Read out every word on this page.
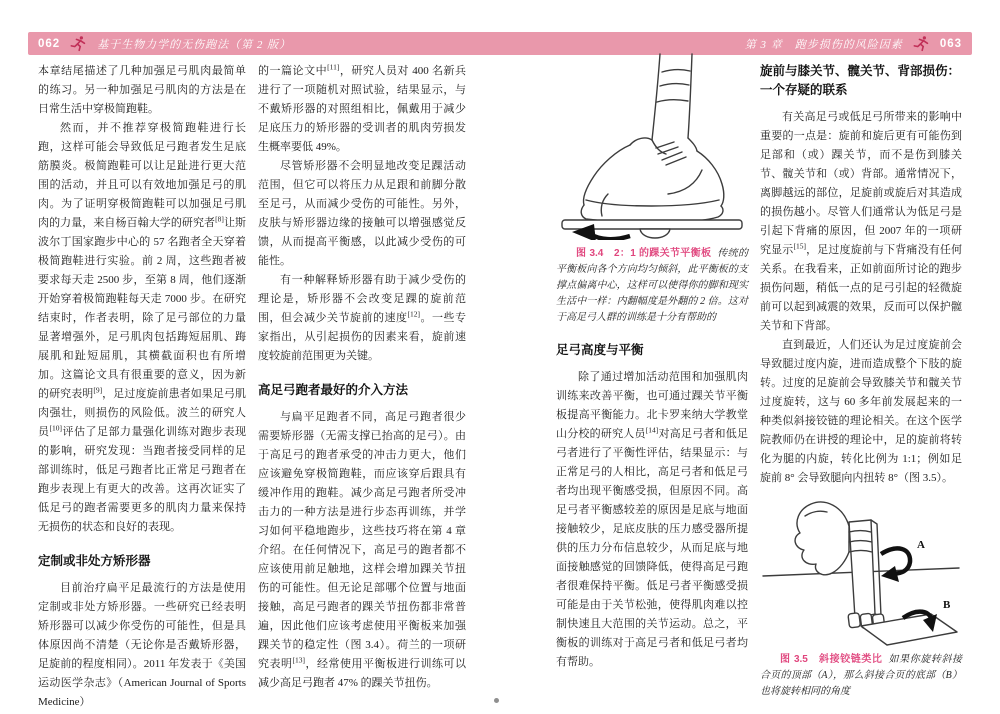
062	基于生物力学的无伤跑法（第 2 版）	第 3 章　跑步损伤的风险因素	063

本章结尾描述了几种加强足弓肌肉最简单的练习。另一种加强足弓肌肉的方法是在日常生活中穿极简跑鞋。

然而，并不推荐穿极简跑鞋进行长跑，这样可能会导致低足弓跑者发生足底筋膜炎。极简跑鞋可以让足趾进行更大范围的活动，并且可以有效地加强足弓的肌肉。为了证明穿极简跑鞋可以加强足弓肌肉的力量，来自杨百翰大学的研究者[8]让斯波尔丁国家跑步中心的 57 名跑者全天穿着极简跑鞋进行实验。前 2 周，这些跑者被要求每天走 2500 步，至第 8 周，他们逐渐开始穿着极简跑鞋每天走 7000 步。在研究结束时，作者表明，除了足弓部位的力量显著增强外，足弓肌肉包括踇短屈肌、踇展肌和趾短屈肌，其横截面积也有所增加。这篇论文具有很重要的意义，因为新的研究表明[9]，足过度旋前患者如果足弓肌肉强壮，则损伤的风险低。波兰的研究人员[10]评估了足部力量强化训练对跑步表现的影响，研究发现：当跑者接受同样的足部训练时，低足弓跑者比正常足弓跑者在跑步表现上有更大的改善。这再次证实了低足弓的跑者需要更多的肌肉力量来保持无损伤的状态和良好的表现。

定制或非处方矫形器

目前治疗扁平足最流行的方法是使用定制或非处方矫形器。一些研究已经表明矫形器可以减少你受伤的可能性，但是具体原因尚不清楚（无论你是否戴矫形器，足旋前的程度相同）。2011 年发表于《美国运动医学杂志》（American Journal of Sports Medicine）

的一篇论文中[11]，研究人员对 400 名新兵进行了一项随机对照试验，结果显示，与不戴矫形器的对照组相比，佩戴用于减少足底压力的矫形器的受训者的肌肉劳损发生概率要低 49%。

尽管矫形器不会明显地改变足踝活动范围，但它可以将压力从足跟和前脚分散至足弓，从而减少受伤的可能性。另外，皮肤与矫形器边缘的接触可以增强感觉反馈，从而提高平衡感，以此减少受伤的可能性。

有一种解释矫形器有助于减少受伤的理论是，矫形器不会改变足踝的旋前范围，但会减少关节旋前的速度[12]。一些专家指出，从引起损伤的因素来看，旋前速度较旋前范围更为关键。

高足弓跑者最好的介入方法

与扁平足跑者不同，高足弓跑者很少需要矫形器（无需支撑已抬高的足弓）。由于高足弓的跑者承受的冲击力更大，他们应该避免穿极简跑鞋，而应该穿后跟具有缓冲作用的跑鞋。减少高足弓跑者所受冲击力的一种方法是进行步态再训练，并学习如何平稳地跑步，这些技巧将在第 4 章介绍。在任何情况下，高足弓的跑者都不应该使用前足触地，这样会增加踝关节扭伤的可能性。但无论足部哪个位置与地面接触，高足弓跑者的踝关节扭伤都非常普遍，因此他们应该考虑使用平衡板来加强踝关节的稳定性（图 3.4）。荷兰的一项研究表明[13]，经常使用平衡板进行训练可以减少高足弓跑者 47% 的踝关节扭伤。

图 3.4　2：1 的踝关节平衡板 传统的平衡板向各个方向均匀倾斜，此平衡板的支撑点偏离中心，这样可以使得你的脚和现实生活中一样：内翻幅度是外翻的 2 倍。这对于高足弓人群的训练是十分有帮助的

足弓高度与平衡

除了通过增加活动范围和加强肌肉训练来改善平衡，也可通过踝关节平衡板提高平衡能力。北卡罗来纳大学教堂山分校的研究人员[14]对高足弓者和低足弓者进行了平衡性评估，结果显示：与正常足弓的人相比，高足弓者和低足弓者均出现平衡感受损，但原因不同。高足弓者平衡感较差的原因是足底与地面接触较少，足底皮肤的压力感受器所提供的压力分布信息较少，从而足底与地面接触感觉的回馈降低，使得高足弓跑者很难保持平衡。低足弓者平衡感受损可能是由于关节松弛，使得肌肉难以控制快速且大范围的关节运动。总之，平衡板的训练对于高足弓者和低足弓者均有帮助。

旋前与膝关节、髋关节、背部损伤：一个存疑的联系

有关高足弓或低足弓所带来的影响中重要的一点是：旋前和旋后更有可能伤到足部和（或）踝关节，而不是伤到膝关节、髋关节和（或）背部。通常情况下，离脚越远的部位，足旋前或旋后对其造成的损伤越小。尽管人们通常认为低足弓是引起下背痛的原因，但 2007 年的一项研究显示[15]，足过度旋前与下背痛没有任何关系。在我看来，正如前面所讨论的跑步损伤问题，稍低一点的足弓引起的轻微旋前可以起到减震的效果，反而可以保护髋关节和下背部。

直到最近，人们还认为足过度旋前会导致腿过度内旋，进而造成整个下肢的旋转。过度的足旋前会导致膝关节和髋关节过度旋转，这与 60 多年前发展起来的一种类似斜接铰链的理论相关。在这个医学院教师仍在讲授的理论中，足的旋前将转化为腿的内旋，转化比例为 1:1；例如足旋前 8° 会导致腿向内扭转 8°（图 3.5）。

A
B

图 3.5　斜接铰链类比 如果你旋转斜接合页的顶部（A），那么斜接合页的底部（B）也将旋转相同的角度
